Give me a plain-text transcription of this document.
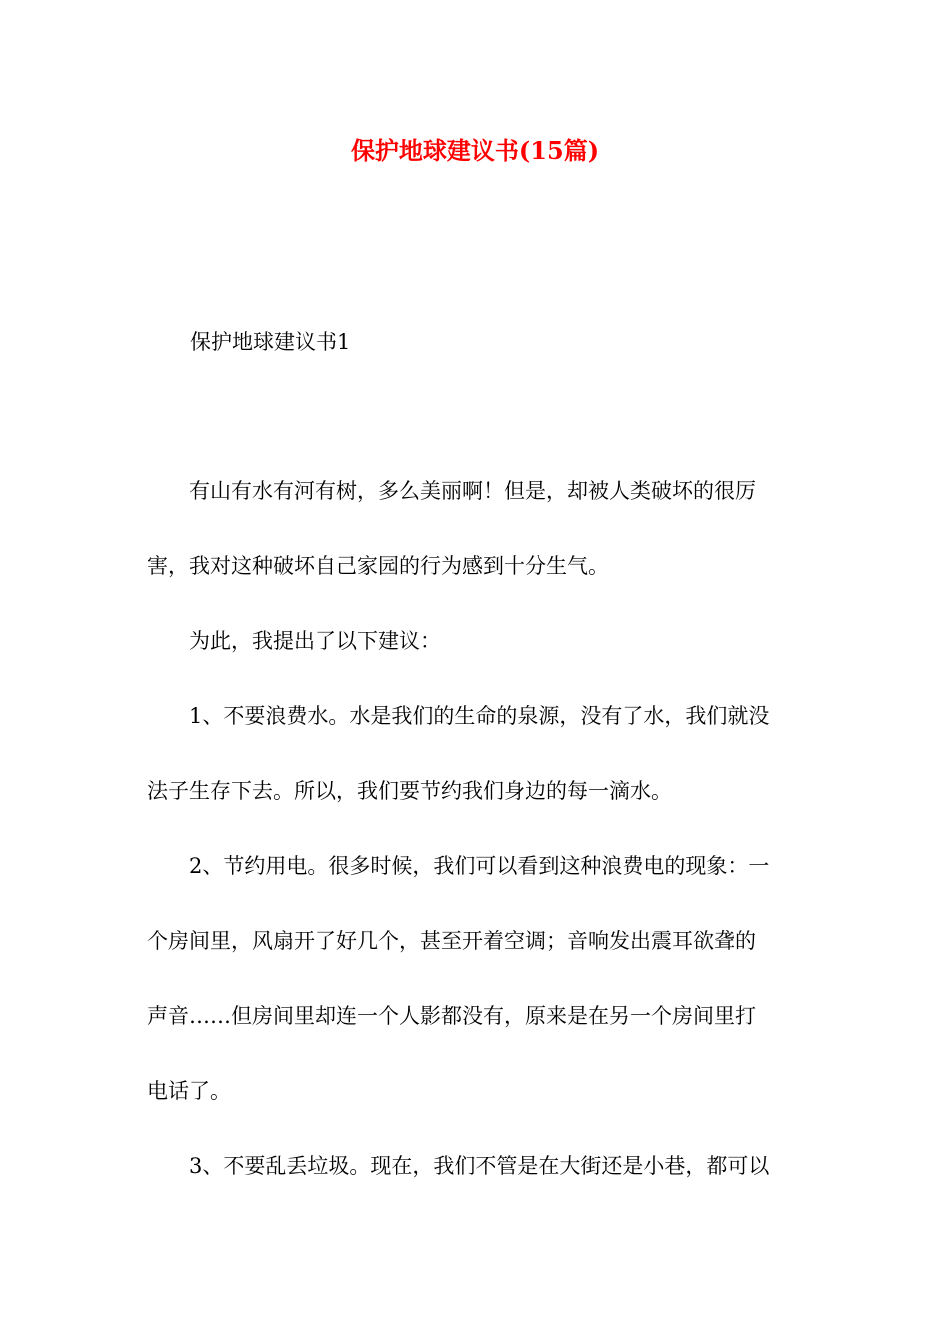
保护地球建议书(15篇)
保护地球建议书1

有山有水有河有树，多么美丽啊！但是，却被人类破坏的很厉
害，我对这种破坏自己家园的行为感到十分生气。

为此，我提出了以下建议：

1、不要浪费水。水是我们的生命的泉源，没有了水，我们就没
法子生存下去。所以，我们要节约我们身边的每一滴水。

2、节约用电。很多时候，我们可以看到这种浪费电的现象：一
个房间里，风扇开了好几个，甚至开着空调；音响发出震耳欲聋的
声音……但房间里却连一个人影都没有，原来是在另一个房间里打
电话了。

3、不要乱丢垃圾。现在，我们不管是在大街还是小巷，都可以
